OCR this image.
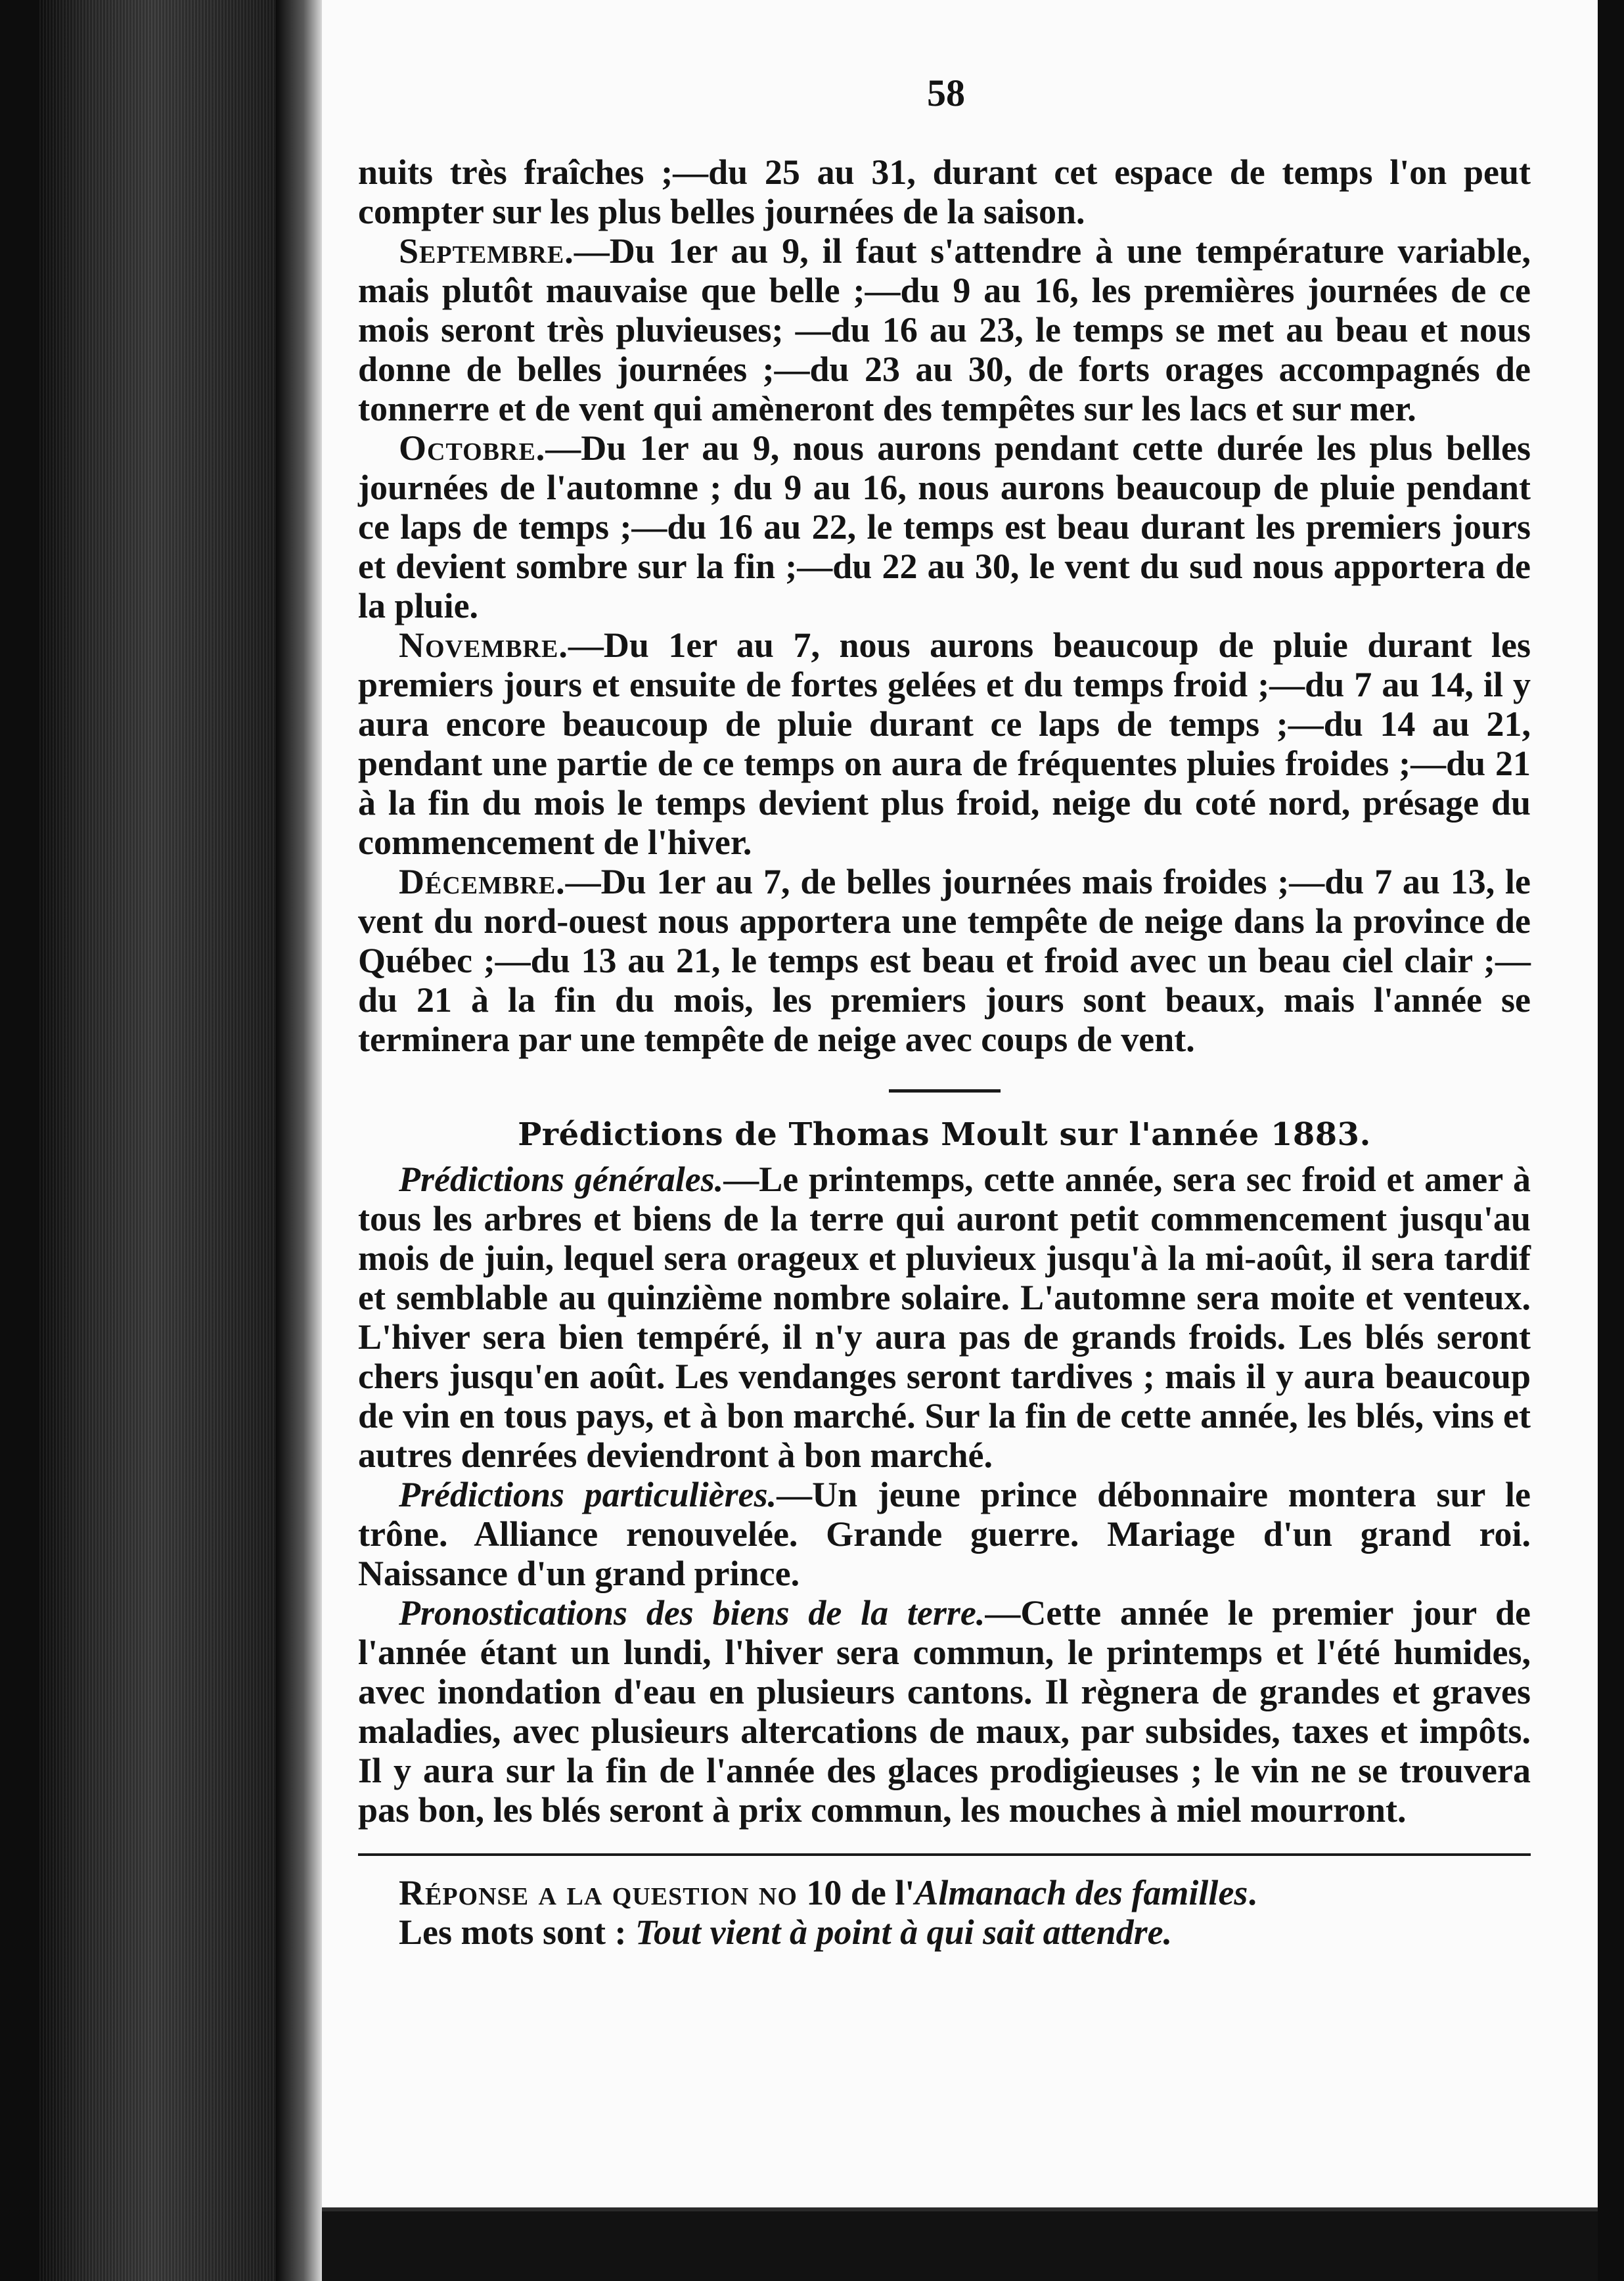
58

nuits très fraîches ;—du 25 au 31, durant cet espace de temps l'on peut compter sur les plus belles journées de la saison.

Septembre.—Du 1er au 9, il faut s'attendre à une température variable, mais plutôt mauvaise que belle ;—du 9 au 16, les premières journées de ce mois seront très pluvieuses; —du 16 au 23, le temps se met au beau et nous donne de belles journées ;—du 23 au 30, de forts orages accompagnés de tonnerre et de vent qui amèneront des tempêtes sur les lacs et sur mer.

Octobre.—Du 1er au 9, nous aurons pendant cette durée les plus belles journées de l'automne ; du 9 au 16, nous aurons beaucoup de pluie pendant ce laps de temps ;—du 16 au 22, le temps est beau durant les premiers jours et devient sombre sur la fin ;—du 22 au 30, le vent du sud nous apportera de la pluie.

Novembre.—Du 1er au 7, nous aurons beaucoup de pluie durant les premiers jours et ensuite de fortes gelées et du temps froid ;—du 7 au 14, il y aura encore beaucoup de pluie durant ce laps de temps ;—du 14 au 21, pendant une partie de ce temps on aura de fréquentes pluies froides ;—du 21 à la fin du mois le temps devient plus froid, neige du coté nord, présage du commencement de l'hiver.

Décembre.—Du 1er au 7, de belles journées mais froides ;—du 7 au 13, le vent du nord-ouest nous apportera une tempête de neige dans la province de Québec ;—du 13 au 21, le temps est beau et froid avec un beau ciel clair ;—du 21 à la fin du mois, les premiers jours sont beaux, mais l'année se terminera par une tempête de neige avec coups de vent.

Prédictions de Thomas Moult sur l'année 1883.

Prédictions générales.—Le printemps, cette année, sera sec froid et amer à tous les arbres et biens de la terre qui auront petit commencement jusqu'au mois de juin, lequel sera orageux et pluvieux jusqu'à la mi-août, il sera tardif et semblable au quinzième nombre solaire. L'automne sera moite et venteux. L'hiver sera bien tempéré, il n'y aura pas de grands froids. Les blés seront chers jusqu'en août. Les vendanges seront tardives ; mais il y aura beaucoup de vin en tous pays, et à bon marché. Sur la fin de cette année, les blés, vins et autres denrées deviendront à bon marché.

Prédictions particulières.—Un jeune prince débonnaire montera sur le trône. Alliance renouvelée. Grande guerre. Mariage d'un grand roi. Naissance d'un grand prince.

Pronostications des biens de la terre.—Cette année le premier jour de l'année étant un lundi, l'hiver sera commun, le printemps et l'été humides, avec inondation d'eau en plusieurs cantons. Il règnera de grandes et graves maladies, avec plusieurs altercations de maux, par subsides, taxes et impôts. Il y aura sur la fin de l'année des glaces prodigieuses ; le vin ne se trouvera pas bon, les blés seront à prix commun, les mouches à miel mourront.

Réponse a la question no 10 de l'Almanach des familles.

Les mots sont : Tout vient à point à qui sait attendre.
